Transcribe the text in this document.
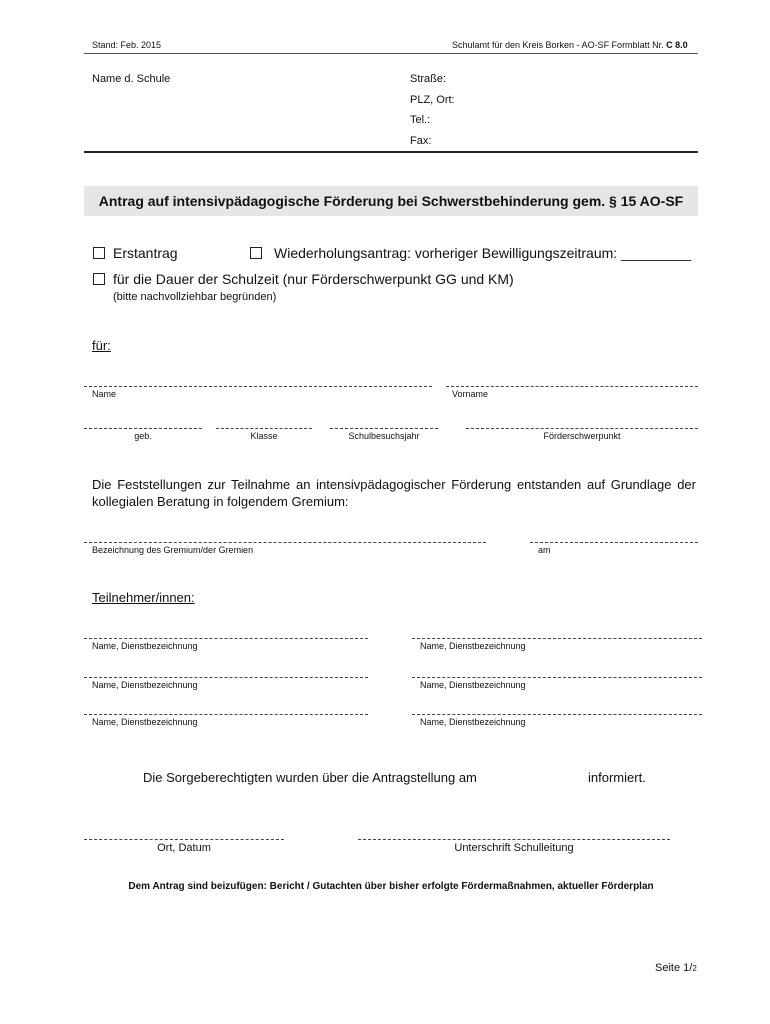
Stand: Feb. 2015	Schulamt für den Kreis Borken - AO-SF Formblatt Nr. C 8.0
Name d. Schule	Straße:
PLZ, Ort:
Tel.:
Fax:
Antrag auf intensivpädagogische Förderung bei Schwerstbehinderung gem. § 15 AO-SF
Erstantrag	Wiederholungsantrag: vorheriger Bewilligungszeitraum: _________
für die Dauer der Schulzeit (nur Förderschwerpunkt GG und KM)
(bitte nachvollziehbar begründen)
für:
Name	Vorname
geb.	Klasse	Schulbesuchsjahr	Förderschwerpunkt
Die Feststellungen zur Teilnahme an intensivpädagogischer Förderung entstanden auf Grundlage der kollegialen Beratung in folgendem Gremium:
Bezeichnung des Gremium/der Gremien	am
Teilnehmer/innen:
Name, Dienstbezeichnung	Name, Dienstbezeichnung
Name, Dienstbezeichnung	Name, Dienstbezeichnung
Name, Dienstbezeichnung	Name, Dienstbezeichnung
Die Sorgeberechtigten wurden über die Antragstellung am	informiert.
Ort, Datum	Unterschrift Schulleitung
Dem Antrag sind beizufügen: Bericht / Gutachten über bisher erfolgte Fördermaßnahmen, aktueller Förderplan
Seite 1/2
